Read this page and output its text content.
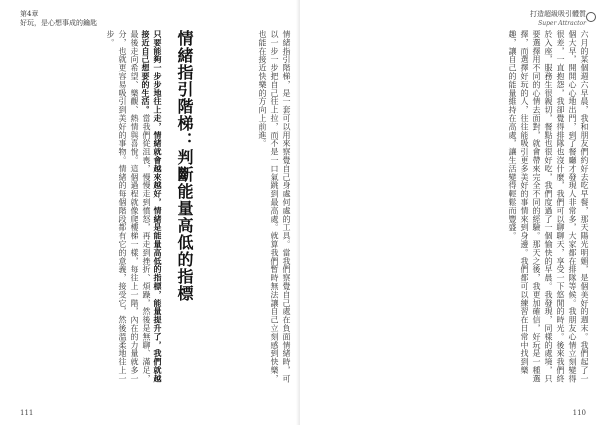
第4章
好玩，是心想事成的鑰匙
情緒指引階梯，是一套可以用來察覺自己身處何處的工具。當我們察覺自己處在負面情緒時，可以一步一步把自己往上拉，而不是一口氣跳到最高處。就算我們暫時無法讓自己立刻感到快樂，也能在接近快樂的方向上前進。
情緒指引階梯：判斷能量高低的指標
只要能夠一步步地往上走，情緒就會越來越好，情緒是能量高低的指標，能量提升了，我們就越接近自己想要的生活。當我們從沮喪，慢慢走到憤怒，再走到挫折、煩躁，然後是無聊、滿足，最後走向希望、樂觀、熱情與喜悅。這個過程就像爬樓梯一樣，每往上一階，內在的力量就多一分，也就更容易吸引到美好的事物。情緒的每個階段都有它的意義，接受它，然後溫柔地往上一步。
111
打造超級吸引體質
Super Attractor
六月的某個週六早晨，我和朋友們約好去吃早餐，那天陽光明媚，是個美好的週末。我們起了一個大早，開開心心地出門，到了餐廳才發現人非常多，大家都在排隊等候。我朋友心情立刻變得很差，一直抱怨，我卻覺得排隊也沒什麼，我們可以聊聊天，享受一下悠閒的時光。後來我們終於入座，服務生很親切，餐點也很好吃，我們度過了一個愉快的早晨。我發現，同樣的處境，只要選擇用不同的心情去面對，就會帶來完全不同的經驗。那天之後，我更加確信，好玩是一種選擇，而選擇好玩的人，往往能吸引更多美好的事情來到身邊。我們都可以練習在日常中找到樂趣，讓自己的能量維持在高處，讓生活變得輕鬆而豐盛。
110
